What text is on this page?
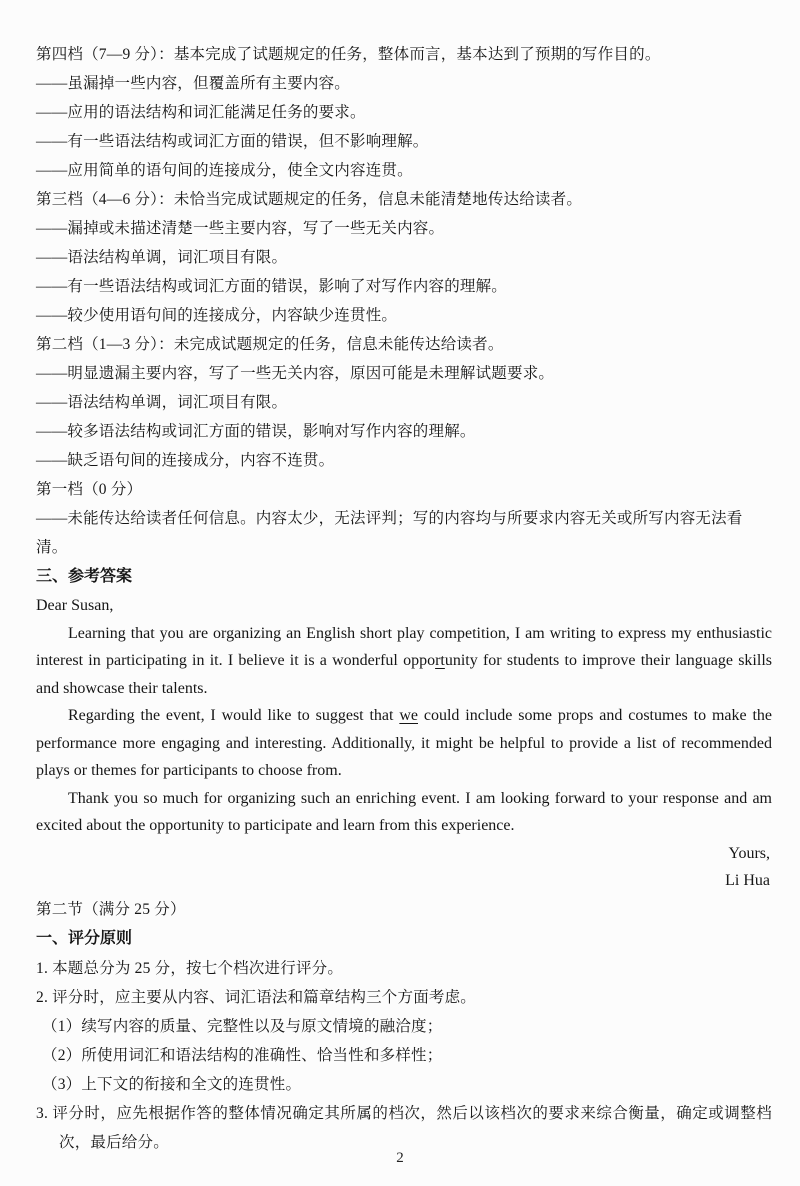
第四档（7—9 分）：基本完成了试题规定的任务，整体而言，基本达到了预期的写作目的。

——虽漏掉一些内容，但覆盖所有主要内容。

——应用的语法结构和词汇能满足任务的要求。

——有一些语法结构或词汇方面的错误，但不影响理解。

——应用简单的语句间的连接成分，使全文内容连贯。

第三档（4—6 分）：未恰当完成试题规定的任务，信息未能清楚地传达给读者。

——漏掉或未描述清楚一些主要内容，写了一些无关内容。

——语法结构单调，词汇项目有限。

——有一些语法结构或词汇方面的错误，影响了对写作内容的理解。

——较少使用语句间的连接成分，内容缺少连贯性。

第二档（1—3 分）：未完成试题规定的任务，信息未能传达给读者。

——明显遗漏主要内容，写了一些无关内容，原因可能是未理解试题要求。

——语法结构单调，词汇项目有限。

——较多语法结构或词汇方面的错误，影响对写作内容的理解。

——缺乏语句间的连接成分，内容不连贯。

第一档（0 分）

——未能传达给读者任何信息。内容太少，无法评判；写的内容均与所要求内容无关或所写内容无法看清。

三、参考答案

Dear Susan,

Learning that you are organizing an English short play competition, I am writing to express my enthusiastic interest in participating in it. I believe it is a wonderful opportunity for students to improve their language skills and showcase their talents.

Regarding the event, I would like to suggest that we could include some props and costumes to make the performance more engaging and interesting. Additionally, it might be helpful to provide a list of recommended plays or themes for participants to choose from.

Thank you so much for organizing such an enriching event. I am looking forward to your response and am excited about the opportunity to participate and learn from this experience.

Yours,

Li Hua

第二节（满分 25 分）

一、评分原则

1. 本题总分为 25 分，按七个档次进行评分。

2. 评分时，应主要从内容、词汇语法和篇章结构三个方面考虑。

（1）续写内容的质量、完整性以及与原文情境的融洽度；

（2）所使用词汇和语法结构的准确性、恰当性和多样性；

（3）上下文的衔接和全文的连贯性。

3. 评分时，应先根据作答的整体情况确定其所属的档次，然后以该档次的要求来综合衡量，确定或调整档次，最后给分。

2
